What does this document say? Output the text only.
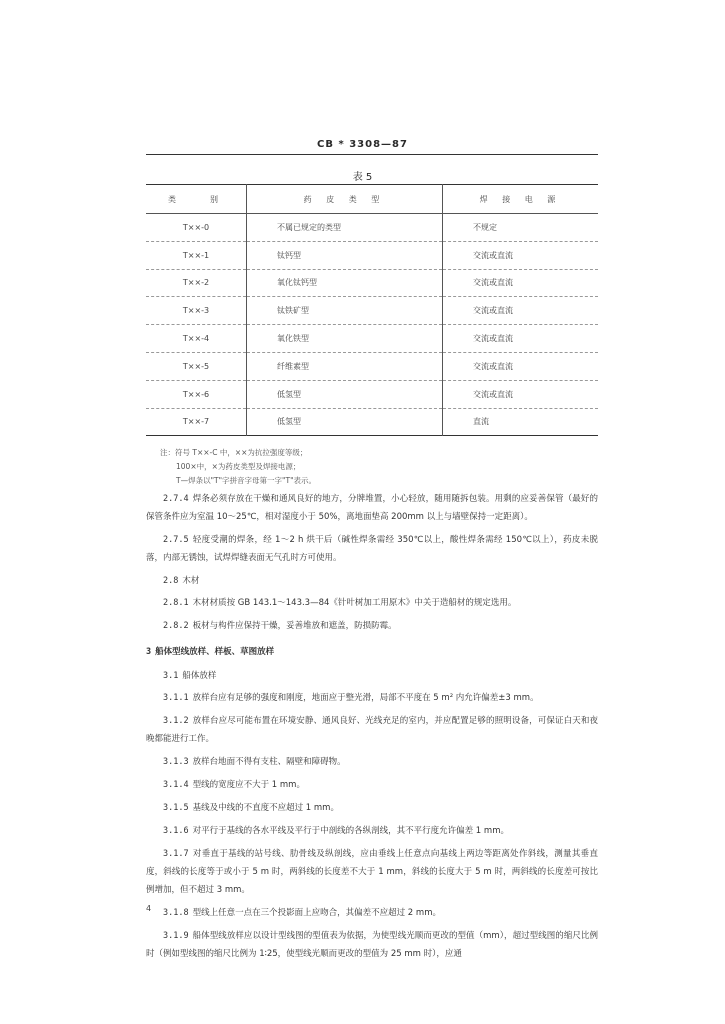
CB * 3308—87
表 5
类　　别	药 皮 类 型	焊 接 电 源
T××-0	不属已规定的类型	不规定
T××-1	钛钙型	交流或直流
T××-2	氧化钛钙型	交流或直流
T××-3	钛铁矿型	交流或直流
T××-4	氧化铁型	交流或直流
T××-5	纤维素型	交流或直流
T××-6	低氢型	交流或直流
T××-7	低氢型	直流
注：符号 T××-C 中，××为抗拉强度等级；
100×中，×为药皮类型及焊接电源；
T—焊条以"T"字拼音字母第一字"T"表示。
2.7.4 焊条必须存放在干燥和通风良好的地方，分牌堆置，小心轻放，随用随拆包装。用剩的应妥善保管（最好的保管条件应为室温 10～25℃，相对湿度小于 50%，离地面垫高 200mm 以上与墙壁保持一定距离）。
2.7.5 轻度受潮的焊条，经 1～2 h 烘干后（碱性焊条需经 350℃以上，酸性焊条需经 150℃以上），药皮未脱落，内部无锈蚀，试焊焊缝表面无气孔时方可使用。
2.8 木材
2.8.1 木材材质按 GB 143.1～143.3—84《针叶树加工用原木》中关于造船材的规定选用。
2.8.2 板材与构件应保持干燥，妥善堆放和遮盖，防损防霉。
3 船体型线放样、样板、草图放样
3.1 船体放样
3.1.1 放样台应有足够的强度和刚度，地面应于整光滑，局部不平度在 5 m² 内允许偏差±3 mm。
3.1.2 放样台应尽可能布置在环境安静、通风良好、光线充足的室内，并应配置足够的照明设备，可保证白天和夜晚都能进行工作。
3.1.3 放样台地面不得有支柱、隔壁和障碍物。
3.1.4 型线的宽度应不大于 1 mm。
3.1.5 基线及中线的不直度不应超过 1 mm。
3.1.6 对平行于基线的各水平线及平行于中剖线的各纵剖线，其不平行度允许偏差 1 mm。
3.1.7 对垂直于基线的站号线、肋骨线及纵剖线，应由垂线上任意点向基线上两边等距离处作斜线，测量其垂直度，斜线的长度等于或小于 5 m 时，两斜线的长度差不大于 1 mm，斜线的长度大于 5 m 时，两斜线的长度差可按比例增加，但不超过 3 mm。
3.1.8 型线上任意一点在三个投影面上应吻合，其偏差不应超过 2 mm。
3.1.9 船体型线放样应以设计型线图的型值表为依据，为使型线光顺而更改的型值（mm），超过型线图的缩尺比例时（例如型线图的缩尺比例为 1∶25，使型线光顺而更改的型值为 25 mm 时），应通
4
